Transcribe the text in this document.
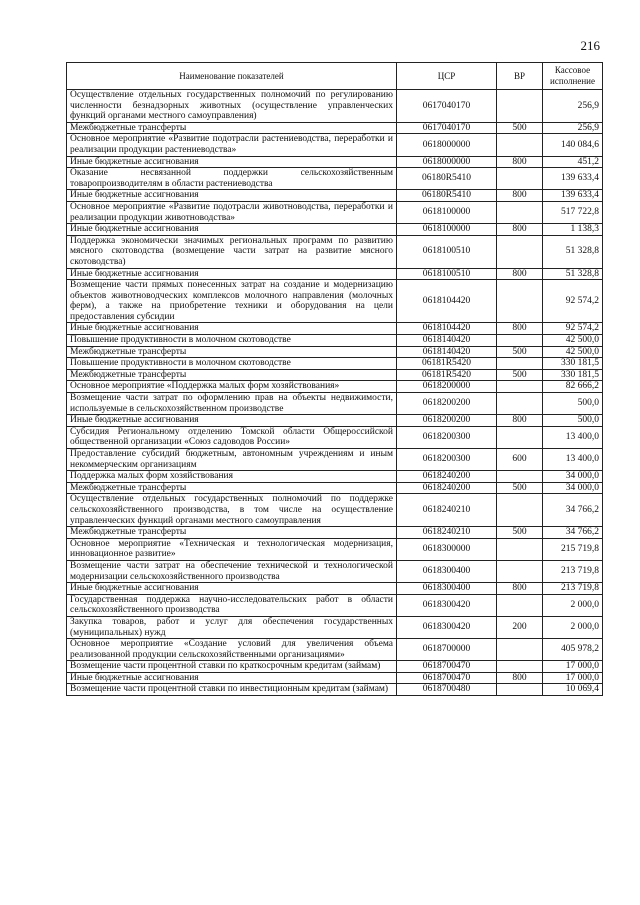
216
Наименование показателей	ЦСР	ВР	Кассовое исполнение
Осуществление отдельных государственных полномочий по регулированию численности безнадзорных животных (осуществление управленческих функций органами местного самоуправления)	0617040170		256,9
Межбюджетные трансферты	0617040170	500	256,9
Основное мероприятие «Развитие подотрасли растениеводства, переработки и реализации продукции растениеводства»	0618000000		140 084,6
Иные бюджетные ассигнования	0618000000	800	451,2
Оказание несвязанной поддержки сельскохозяйственным товаропроизводителям в области растениеводства	06180R5410		139 633,4
Иные бюджетные ассигнования	06180R5410	800	139 633,4
Основное мероприятие «Развитие подотрасли животноводства, переработки и реализации продукции животноводства»	0618100000		517 722,8
Иные бюджетные ассигнования	0618100000	800	1 138,3
Поддержка экономически значимых региональных программ по развитию мясного скотоводства (возмещение части затрат на развитие мясного скотоводства)	0618100510		51 328,8
Иные бюджетные ассигнования	0618100510	800	51 328,8
Возмещение части прямых понесенных затрат на создание и модернизацию объектов животноводческих комплексов молочного направления (молочных ферм), а также на приобретение техники и оборудования на цели предоставления субсидии	0618104420		92 574,2
Иные бюджетные ассигнования	0618104420	800	92 574,2
Повышение продуктивности в молочном скотоводстве	0618140420		42 500,0
Межбюджетные трансферты	0618140420	500	42 500,0
Повышение продуктивности в молочном скотоводстве	06181R5420		330 181,5
Межбюджетные трансферты	06181R5420	500	330 181,5
Основное мероприятие «Поддержка малых форм хозяйствования»	0618200000		82 666,2
Возмещение части затрат по оформлению прав на объекты недвижимости, используемые в сельскохозяйственном производстве	0618200200		500,0
Иные бюджетные ассигнования	0618200200	800	500,0
Субсидия Региональному отделению Томской области Общероссийской общественной организации «Союз садоводов России»	0618200300		13 400,0
Предоставление субсидий бюджетным, автономным учреждениям и иным некоммерческим организациям	0618200300	600	13 400,0
Поддержка малых форм хозяйствования	0618240200		34 000,0
Межбюджетные трансферты	0618240200	500	34 000,0
Осуществление отдельных государственных полномочий по поддержке сельскохозяйственного производства, в том числе на осуществление управленческих функций органами местного самоуправления	0618240210		34 766,2
Межбюджетные трансферты	0618240210	500	34 766,2
Основное мероприятие «Техническая и технологическая модернизация, инновационное развитие»	0618300000		215 719,8
Возмещение части затрат на обеспечение технической и технологической модернизации сельскохозяйственного производства	0618300400		213 719,8
Иные бюджетные ассигнования	0618300400	800	213 719,8
Государственная поддержка научно-исследовательских работ в области сельскохозяйственного производства	0618300420		2 000,0
Закупка товаров, работ и услуг для обеспечения государственных (муниципальных) нужд	0618300420	200	2 000,0
Основное мероприятие «Создание условий для увеличения объема реализованной продукции сельскохозяйственными организациями»	0618700000		405 978,2
Возмещение части процентной ставки по краткосрочным кредитам (займам)	0618700470		17 000,0
Иные бюджетные ассигнования	0618700470	800	17 000,0
Возмещение части процентной ставки по инвестиционным кредитам (займам)	0618700480		10 069,4
